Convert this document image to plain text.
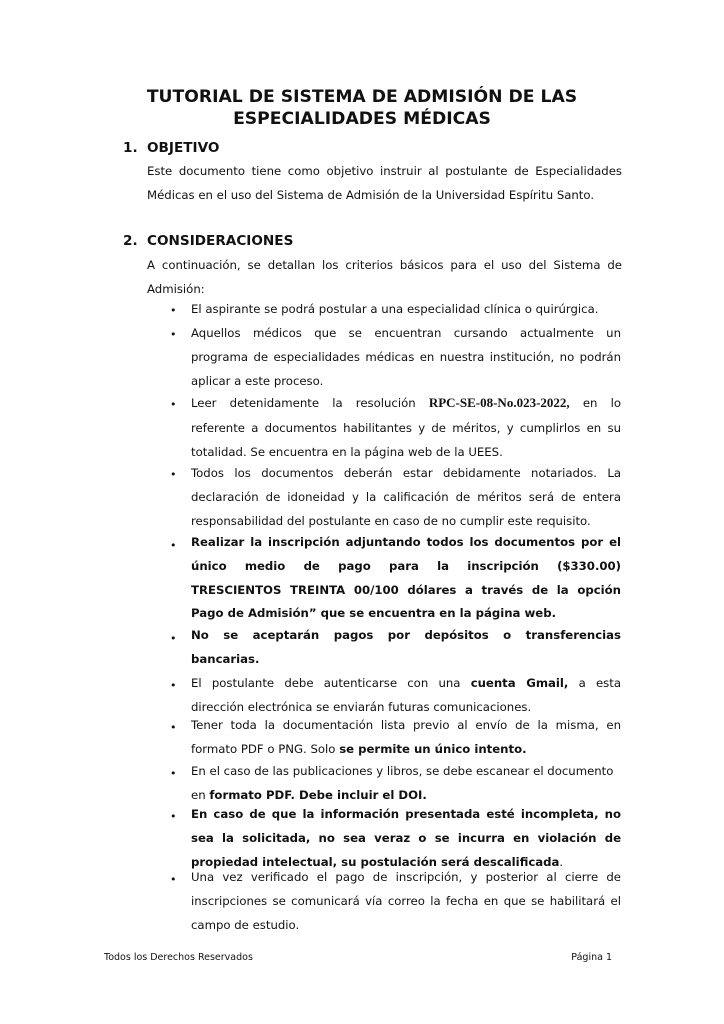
TUTORIAL DE SISTEMA DE ADMISIÓN DE LAS
ESPECIALIDADES MÉDICAS
1. OBJETIVO
Este documento tiene como objetivo instruir al postulante de Especialidades
Médicas en el uso del Sistema de Admisión de la Universidad Espíritu Santo.
2. CONSIDERACIONES
A continuación, se detallan los criterios básicos para el uso del Sistema de
Admisión:
• El aspirante se podrá postular a una especialidad clínica o quirúrgica.
• Aquellos médicos que se encuentran cursando actualmente un
programa de especialidades médicas en nuestra institución, no podrán
aplicar a este proceso.
• Leer detenidamente la resolución RPC-SE-08-No.023-2022, en lo
referente a documentos habilitantes y de méritos, y cumplirlos en su
totalidad. Se encuentra en la página web de la UEES.
• Todos los documentos deberán estar debidamente notariados. La
declaración de idoneidad y la calificación de méritos será de entera
responsabilidad del postulante en caso de no cumplir este requisito.
• Realizar la inscripción adjuntando todos los documentos por el
único medio de pago para la inscripción ($330.00)
TRESCIENTOS TREINTA 00/100 dólares a través de la opción
Pago de Admisión” que se encuentra en la página web.
• No se aceptarán pagos por depósitos o transferencias
bancarias.
• El postulante debe autenticarse con una cuenta Gmail, a esta
dirección electrónica se enviarán futuras comunicaciones.
• Tener toda la documentación lista previo al envío de la misma, en
formato PDF o PNG. Solo se permite un único intento.
• En el caso de las publicaciones y libros, se debe escanear el documento
en formato PDF. Debe incluir el DOI.
• En caso de que la información presentada esté incompleta, no
sea la solicitada, no sea veraz o se incurra en violación de
propiedad intelectual, su postulación será descalificada.
• Una vez verificado el pago de inscripción, y posterior al cierre de
inscripciones se comunicará vía correo la fecha en que se habilitará el
campo de estudio.
Todos los Derechos Reservados	Página 1
